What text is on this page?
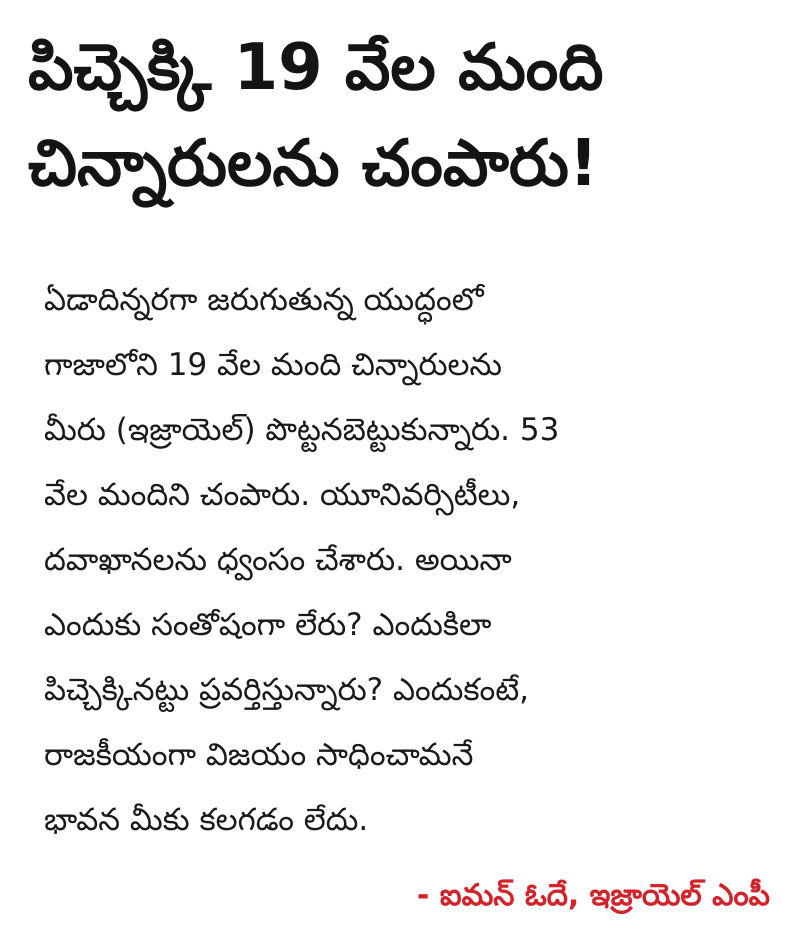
పిచ్చెక్కి 19 వేల మంది
చిన్నారులను చంపారు!
ఏడాదిన్నరగా జరుగుతున్న యుద్ధంలో
గాజాలోని 19 వేల మంది చిన్నారులను
మీరు (ఇజ్రాయెల్) పొట్టనబెట్టుకున్నారు. 53
వేల మందిని చంపారు. యూనివర్సిటీలు,
దవాఖానలను ధ్వంసం చేశారు. అయినా
ఎందుకు సంతోషంగా లేరు? ఎందుకిలా
పిచ్చెక్కినట్టు ప్రవర్తిస్తున్నారు? ఎందుకంటే,
రాజకీయంగా విజయం సాధించామనే
భావన మీకు కలగడం లేదు.

- ఐమన్ ఓదే, ఇజ్రాయెల్ ఎంపీ
